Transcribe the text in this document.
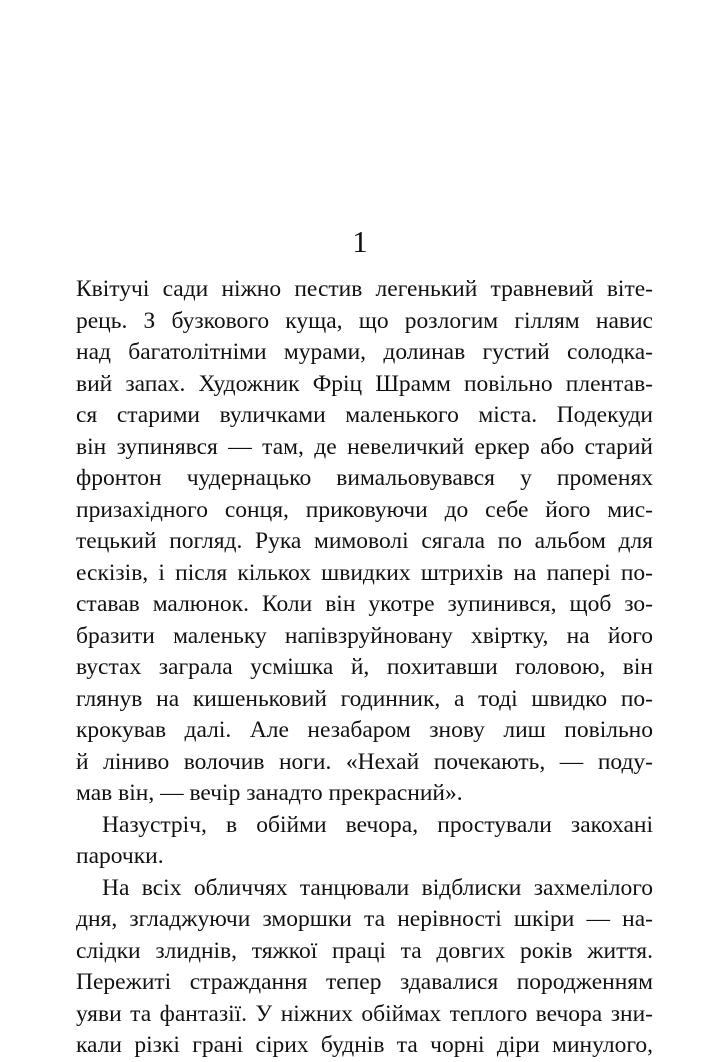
1
Квітучі сади ніжно пестив легенький травневий віте-
рець. З бузкового куща, що розлогим гіллям навис
над багатолітніми мурами, долинав густий солодка-
вий запах. Художник Фріц Шрамм повільно плентав-
ся старими вуличками маленького міста. Подекуди
він зупинявся — там, де невеличкий еркер або старий
фронтон чудернацько вимальовувався у променях
призахідного сонця, приковуючи до себе його мис-
тецький погляд. Рука мимоволі сягала по альбом для
ескізів, і після кількох швидких штрихів на папері по-
ставав малюнок. Коли він укотре зупинився, щоб зо-
бразити маленьку напівзруйновану хвіртку, на його
вустах заграла усмішка й, похитавши головою, він
глянув на кишеньковий годинник, а тоді швидко по-
крокував далі. Але незабаром знову лиш повільно
й ліниво волочив ноги. «Нехай почекають, — поду-
мав він, — вечір занадто прекрасний».
Назустріч, в обійми вечора, простували закохані
парочки.
На всіх обличчях танцювали відблиски захмелілого
дня, згладжуючи зморшки та нерівності шкіри — на-
слідки злиднів, тяжкої праці та довгих років життя.
Пережиті страждання тепер здавалися породженням
уяви та фантазії. У ніжних обіймах теплого вечора зни-
кали різкі грані сірих буднів та чорні діри минулого,
